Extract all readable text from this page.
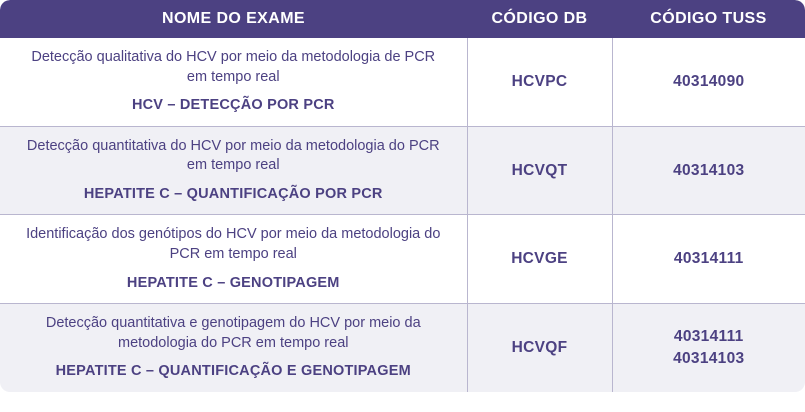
NOME DO EXAME	CÓDIGO DB	CÓDIGO TUSS

Detecção qualitativa do HCV por meio da metodologia de PCR em tempo real
HCV – DETECÇÃO POR PCR	HCVPC	40314090

Detecção quantitativa do HCV por meio da metodologia do PCR em tempo real
HEPATITE C – QUANTIFICAÇÃO POR PCR	HCVQT	40314103

Identificação dos genótipos do HCV por meio da metodologia do PCR em tempo real
HEPATITE C – GENOTIPAGEM	HCVGE	40314111

Detecção quantitativa e genotipagem do HCV por meio da metodologia do PCR em tempo real
HEPATITE C – QUANTIFICAÇÃO E GENOTIPAGEM	HCVQF	40314111
40314103
